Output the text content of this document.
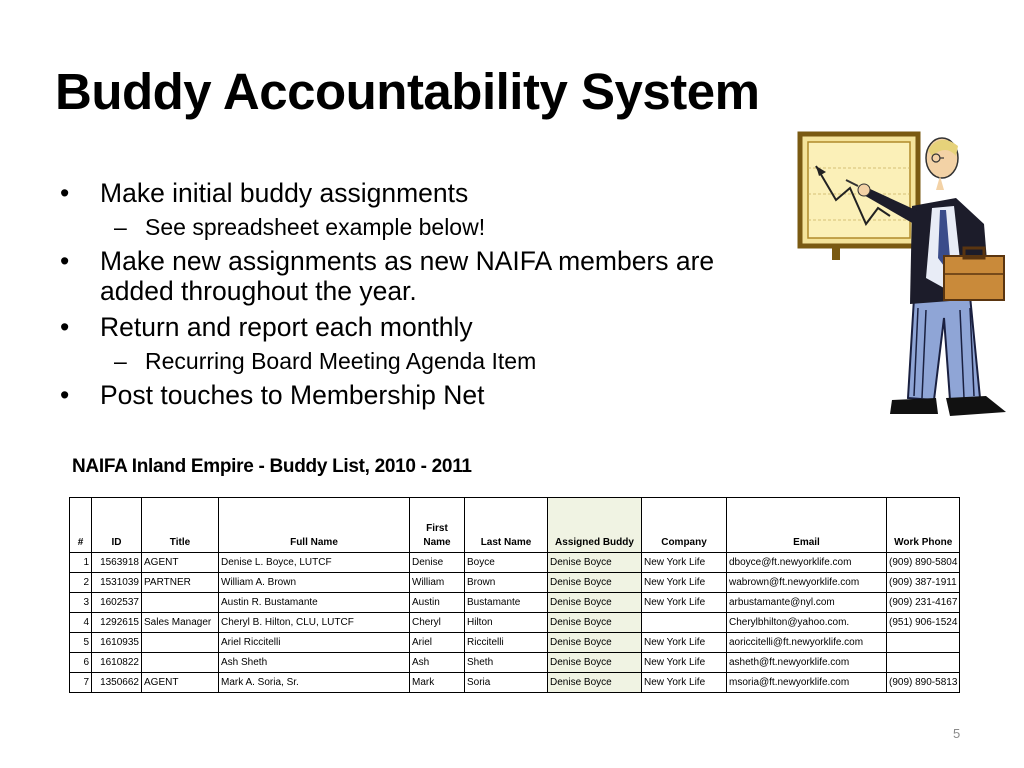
Buddy Accountability System
• Make initial buddy assignments
– See spreadsheet example below!
• Make new assignments as new NAIFA members are added throughout the year.
• Return and report each monthly
– Recurring Board Meeting Agenda Item
• Post touches to Membership Net
NAIFA Inland Empire - Buddy List, 2010 - 2011
#	ID	Title	Full Name	First Name	Last Name	Assigned Buddy	Company	Email	Work Phone
1	1563918	AGENT	Denise L. Boyce, LUTCF	Denise	Boyce	Denise Boyce	New York Life	dboyce@ft.newyorklife.com	(909) 890-5804
2	1531039	PARTNER	William A. Brown	William	Brown	Denise Boyce	New York Life	wabrown@ft.newyorklife.com	(909) 387-1911
3	1602537		Austin R. Bustamante	Austin	Bustamante	Denise Boyce	New York Life	arbustamante@nyl.com	(909) 231-4167
4	1292615	Sales Manager	Cheryl B. Hilton, CLU, LUTCF	Cheryl	Hilton	Denise Boyce		Cherylbhilton@yahoo.com.	(951) 906-1524
5	1610935		Ariel Riccitelli	Ariel	Riccitelli	Denise Boyce	New York Life	aoriccitelli@ft.newyorklife.com	
6	1610822		Ash Sheth	Ash	Sheth	Denise Boyce	New York Life	asheth@ft.newyorklife.com	
7	1350662	AGENT	Mark A. Soria, Sr.	Mark	Soria	Denise Boyce	New York Life	msoria@ft.newyorklife.com	(909) 890-5813
5
